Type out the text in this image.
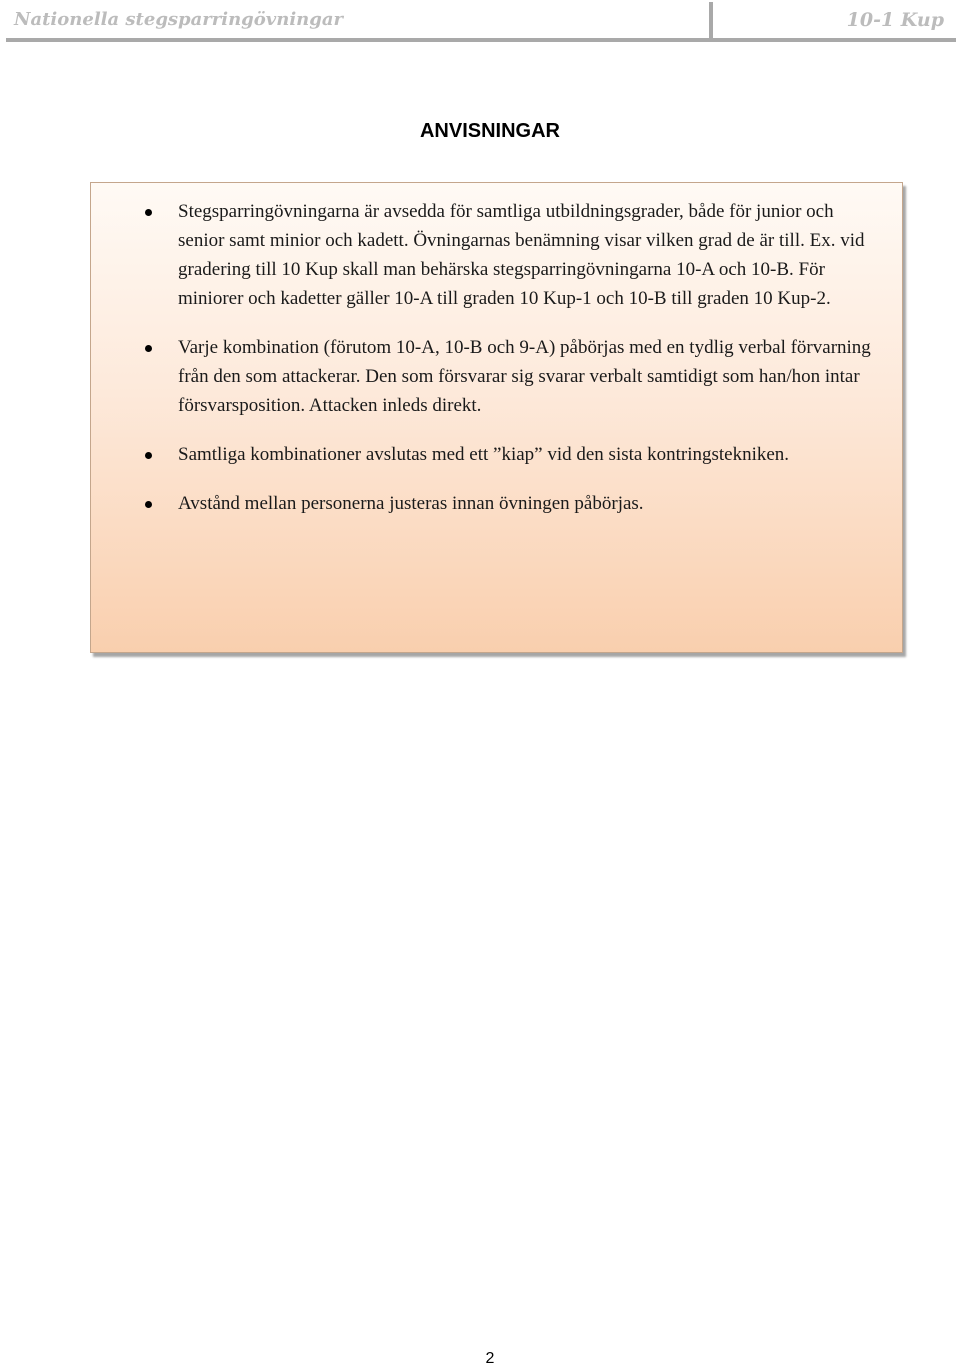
Nationella stegsparringövningar	10-1 Kup
ANVISNINGAR
Stegsparringövningarna är avsedda för samtliga utbildningsgrader, både för junior och senior samt minior och kadett. Övningarnas benämning visar vilken grad de är till. Ex. vid gradering till 10 Kup skall man behärska stegsparringövningarna 10-A och 10-B. För miniorer och kadetter gäller 10-A till graden 10 Kup-1 och 10-B till graden 10 Kup-2.
Varje kombination (förutom 10-A, 10-B och 9-A) påbörjas med en tydlig verbal förvarning från den som attackerar. Den som försvarar sig svarar verbalt samtidigt som han/hon intar försvarsposition. Attacken inleds direkt.
Samtliga kombinationer avslutas med ett ”kiap” vid den sista kontringstekniken.
Avstånd mellan personerna justeras innan övningen påbörjas.
2
